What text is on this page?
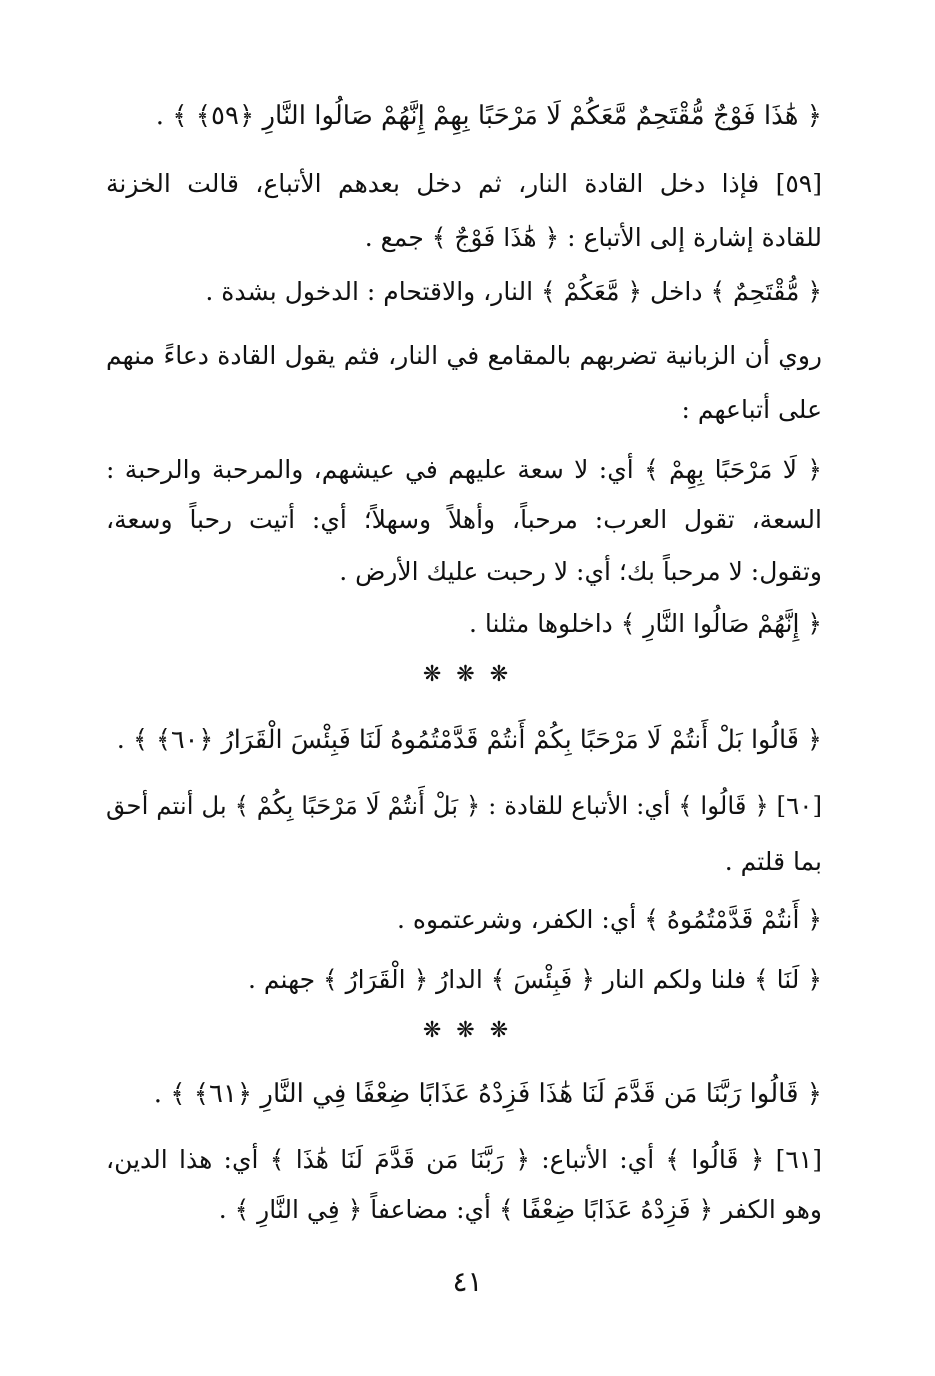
﴿ هَٰذَا فَوْجٌ مُّقْتَحِمٌ مَّعَكُمْ لَا مَرْحَبًا بِهِمْ إِنَّهُمْ صَالُوا النَّارِ ﴿٥٩﴾ ﴾ .
[٥٩] فإذا دخل القادة النار، ثم دخل بعدهم الأتباع، قالت الخزنة
للقادة إشارة إلى الأتباع : ﴿ هَٰذَا فَوْجٌ ﴾ جمع .
﴿ مُّقْتَحِمٌ ﴾ داخل ﴿ مَّعَكُمْ ﴾ النار، والاقتحام : الدخول بشدة .
روي أن الزبانية تضربهم بالمقامع في النار، فثم يقول القادة دعاءً منهم
على أتباعهم :
﴿ لَا مَرْحَبًا بِهِمْ ﴾ أي: لا سعة عليهم في عيشهم، والمرحبة والرحبة :
السعة، تقول العرب: مرحباً، وأهلاً وسهلاً؛ أي: أتيت رحباً وسعة،
وتقول: لا مرحباً بك؛ أي: لا رحبت عليك الأرض .
﴿ إِنَّهُمْ صَالُوا النَّارِ ﴾ داخلوها مثلنا .
❋ ❋ ❋
﴿ قَالُوا بَلْ أَنتُمْ لَا مَرْحَبًا بِكُمْ أَنتُمْ قَدَّمْتُمُوهُ لَنَا فَبِئْسَ الْقَرَارُ ﴿٦٠﴾ ﴾ .
[٦٠] ﴿ قَالُوا ﴾ أي: الأتباع للقادة : ﴿ بَلْ أَنتُمْ لَا مَرْحَبًا بِكُمْ ﴾ بل أنتم أحق
بما قلتم .
﴿ أَنتُمْ قَدَّمْتُمُوهُ ﴾ أي: الكفر، وشرعتموه .
﴿ لَنَا ﴾ فلنا ولكم النار ﴿ فَبِئْسَ ﴾ الدارُ ﴿ الْقَرَارُ ﴾ جهنم .
❋ ❋ ❋
﴿ قَالُوا رَبَّنَا مَن قَدَّمَ لَنَا هَٰذَا فَزِدْهُ عَذَابًا ضِعْفًا فِي النَّارِ ﴿٦١﴾ ﴾ .
[٦١] ﴿ قَالُوا ﴾ أي: الأتباع: ﴿ رَبَّنَا مَن قَدَّمَ لَنَا هَٰذَا ﴾ أي: هذا الدين،
وهو الكفر ﴿ فَزِدْهُ عَذَابًا ضِعْفًا ﴾ أي: مضاعفاً ﴿ فِي النَّارِ ﴾ .
٤١
